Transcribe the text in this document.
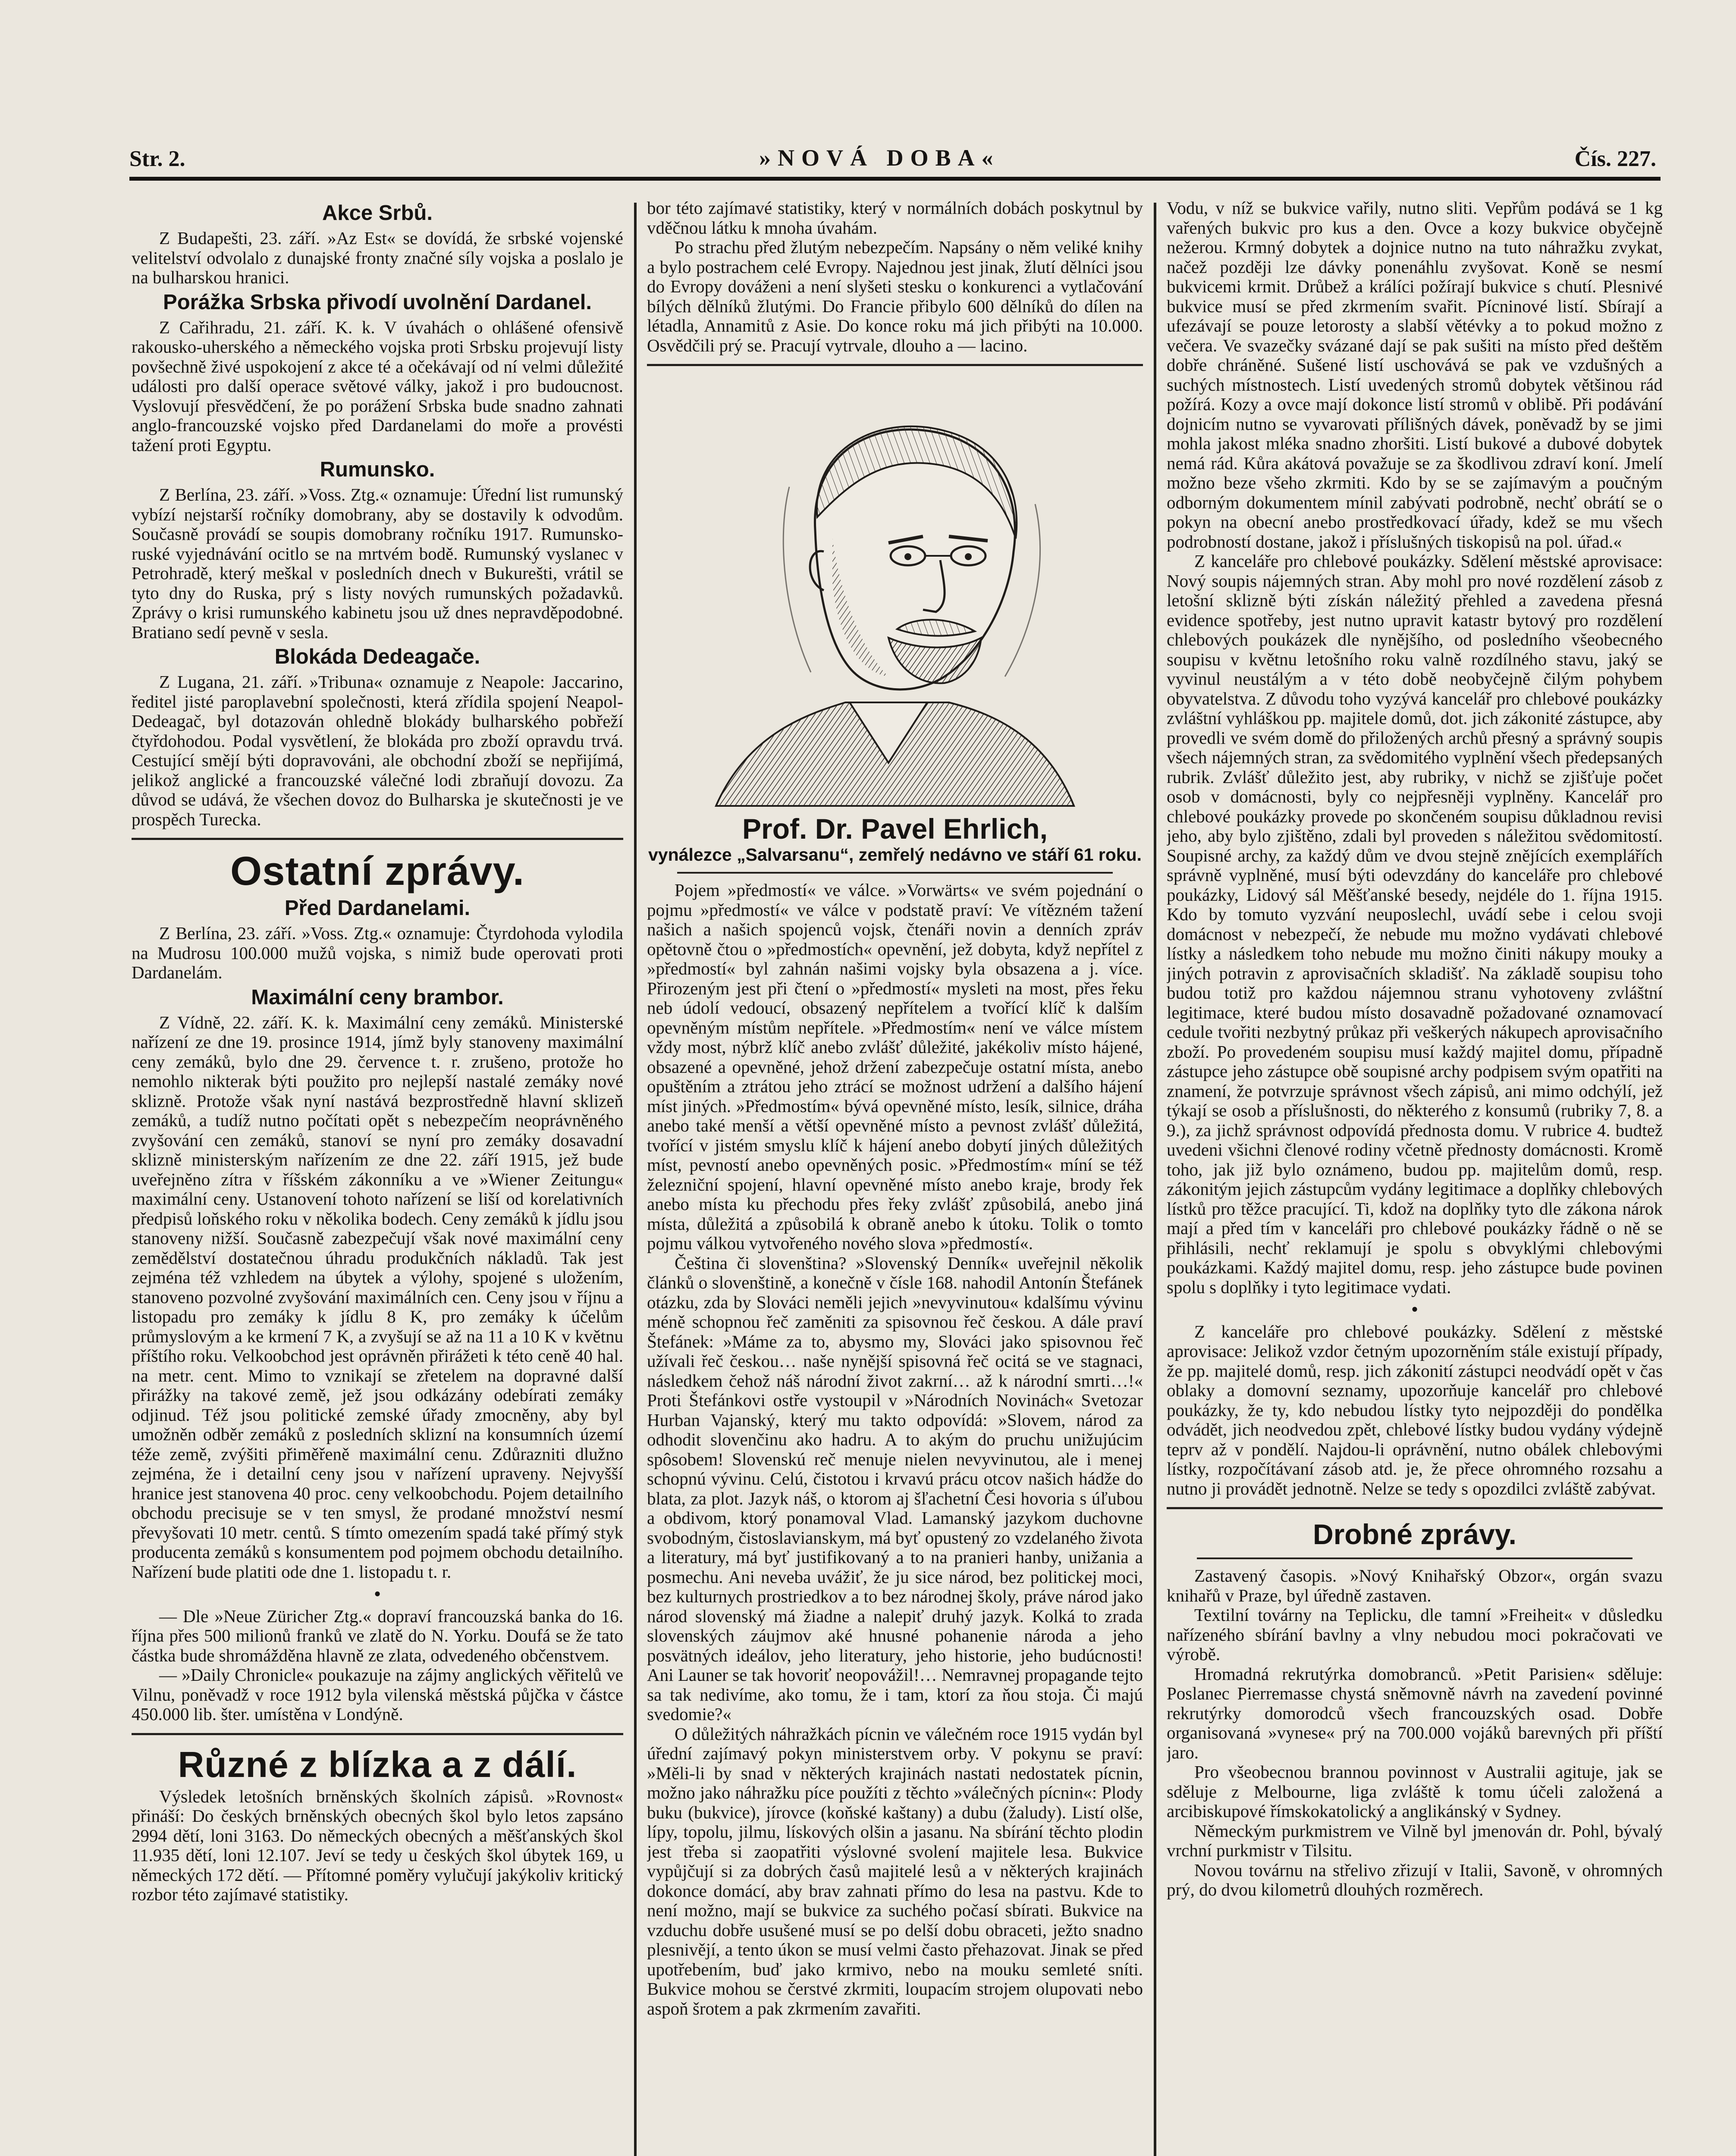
Str. 2.	»NOVÁ DOBA«	Čís. 227.
Akce Srbů.

Z Budapešti, 23. září. »Az Est« se dovídá, že srbské vojenské velitelství odvolalo z dunajské fronty značné síly vojska a poslalo je na bulharskou hranici.

Porážka Srbska přivodí uvolnění Dardanel.

Z Cařihradu, 21. září. K. k. V úvahách o ohlášené ofensivě rakousko-uherského a německého vojska proti Srbsku projevují listy povšechně živé uspokojení z akce té a očekávají od ní velmi důležité události pro další operace světové války, jakož i pro budoucnost. Vyslovují přesvědčení, že po porážení Srbska bude snadno zahnati anglo-francouzské vojsko před Dardanelami do moře a provésti tažení proti Egyptu.

Rumunsko.

Z Berlína, 23. září. »Voss. Ztg.« oznamuje: Úřední list rumunský vybízí nejstarší ročníky domobrany, aby se dostavily k odvodům. Současně provádí se soupis domobrany ročníku 1917. Rumunsko-ruské vyjednávání ocitlo se na mrtvém bodě. Rumunský vyslanec v Petrohradě, který meškal v posledních dnech v Bukurešti, vrátil se tyto dny do Ruska, prý s listy nových rumunských požadavků. Zprávy o krisi rumunského kabinetu jsou už dnes nepravděpodobné. Bratiano sedí pevně v sesla.

Blokáda Dedeagače.

Z Lugana, 21. září. »Tribuna« oznamuje z Neapole: Jaccarino, ředitel jisté paroplavební společnosti, která zřídila spojení Neapol-Dedeagač, byl dotazován ohledně blokády bulharského pobřeží čtyřdohodou. Podal vysvětlení, že blokáda pro zboží opravdu trvá. Cestující smějí býti dopravováni, ale obchodní zboží se nepřijímá, jelikož anglické a francouzské válečné lodi zbraňují dovozu. Za důvod se udává, že všechen dovoz do Bulharska je skutečnosti je ve prospěch Turecka.

Ostatní zprávy.
Před Dardanelami.

Z Berlína, 23. září. »Voss. Ztg.« oznamuje: Čtyrdohoda vylodila na Mudrosu 100.000 mužů vojska, s nimiž bude operovati proti Dardanelám.

Maximální ceny brambor.

Z Vídně, 22. září. K. k. Maximální ceny zemáků. Ministerské nařízení ze dne 19. prosince 1914, jímž byly stanoveny maximální ceny zemáků, bylo dne 29. července t. r. zrušeno, protože ho nemohlo nikterak býti použito pro nejlepší nastalé zemáky nové sklizně. Protože však nyní nastává bezprostředně hlavní sklizeň zemáků, a tudíž nutno počítati opět s nebezpečím neoprávněného zvyšování cen zemáků, stanoví se nyní pro zemáky dosavadní sklizně ministerským nařízením ze dne 22. září 1915, jež bude uveřejněno zítra v říšském zákonníku a ve »Wiener Zeitungu« maximální ceny. Ustanovení tohoto nařízení se liší od korelativních předpisů loňského roku v několika bodech. Ceny zemáků k jídlu jsou stanoveny nižší. Současně zabezpečují však nové maximální ceny zemědělství dostatečnou úhradu produkčních nákladů. Tak jest zejména též vzhledem na úbytek a výlohy, spojené s uložením, stanoveno pozvolné zvyšování maximálních cen. Ceny jsou v říjnu a listopadu pro zemáky k jídlu 8 K, pro zemáky k účelům průmyslovým a ke krmení 7 K, a zvyšují se až na 11 a 10 K v květnu příštího roku. Velkoobchod jest oprávněn přirážeti k této ceně 40 hal. na metr. cent. Mimo to vznikají se zřetelem na dopravné další přirážky na takové země, jež jsou odkázány odebírati zemáky odjinud. Též jsou politické zemské úřady zmocněny, aby byl umožněn odběr zemáků z posledních sklizní na konsumních území téže země, zvýšiti přiměřeně maximální cenu. Zdůrazniti dlužno zejména, že i detailní ceny jsou v nařízení upraveny. Nejvyšší hranice jest stanovena 40 proc. ceny velkoobchodu. Pojem detailního obchodu precisuje se v ten smysl, že prodané množství nesmí převyšovati 10 metr. centů. S tímto omezením spadá také přímý styk producenta zemáků s konsumentem pod pojmem obchodu detailního. Nařízení bude platiti ode dne 1. listopadu t. r.

•

— Dle »Neue Züricher Ztg.« dopraví francouzská banka do 16. října přes 500 milionů franků ve zlatě do N. Yorku. Doufá se že tato částka bude shromážděna hlavně ze zlata, odvedeného občenstvem.

— »Daily Chronicle« poukazuje na zájmy anglických věřitelů ve Vilnu, poněvadž v roce 1912 byla vilenská městská půjčka v částce 450.000 lib. šter. umístěna v Londýně.

Různé z blízka a z dálí.

Výsledek letošních brněnských školních zápisů. »Rovnost« přináší: Do českých brněnských obecných škol bylo letos zapsáno 2994 dětí, loni 3163. Do německých obecných a měšťanských škol 11.935 dětí, loni 12.107. Jeví se tedy u českých škol úbytek 169, u německých 172 dětí. — Přítomné poměry vylučují jakýkoliv kritický rozbor této zajímavé statistiky.

bor této zajímavé statistiky, který v normálních dobách poskytnul by vděčnou látku k mnoha úvahám.

Po strachu před žlutým nebezpečím. Napsány o něm veliké knihy a bylo postrachem celé Evropy. Najednou jest jinak, žlutí dělníci jsou do Evropy dováženi a není slyšeti stesku o konkurenci a vytlačování bílých dělníků žlutými. Do Francie přibylo 600 dělníků do dílen na létadla, Annamitů z Asie. Do konce roku má jich přibýti na 10.000. Osvědčili prý se. Pracují vytrvale, dlouho a — lacino.

Prof. Dr. Pavel Ehrlich,
vynálezce „Salvarsanu“, zemřelý nedávno ve stáří 61 roku.

Pojem »předmostí« ve válce. »Vorwärts« ve svém pojednání o pojmu »předmostí« ve válce v podstatě praví: Ve vítězném tažení našich a našich spojenců vojsk, čtenáři novin a denních zpráv opětovně čtou o »předmostích« opevnění, jež dobyta, když nepřítel z »předmostí« byl zahnán našimi vojsky byla obsazena a j. více. Přirozeným jest při čtení o »předmostí« mysleti na most, přes řeku neb údolí vedoucí, obsazený nepřítelem a tvořící klíč k dalším opevněným místům nepřítele. »Předmostím« není ve válce místem vždy most, nýbrž klíč anebo zvlášť důležité, jakékoliv místo hájené, obsazené a opevněné, jehož držení zabezpečuje ostatní místa, anebo opuštěním a ztrátou jeho ztrácí se možnost udržení a dalšího hájení míst jiných. »Předmostím« bývá opevněné místo, lesík, silnice, dráha anebo také menší a větší opevněné místo a pevnost zvlášť důležitá, tvořící v jistém smyslu klíč k hájení anebo dobytí jiných důležitých míst, pevností anebo opevněných posic. »Předmostím« míní se též železniční spojení, hlavní opevněné místo anebo kraje, brody řek anebo místa ku přechodu přes řeky zvlášť způsobilá, anebo jiná místa, důležitá a způsobilá k obraně anebo k útoku. Tolik o tomto pojmu válkou vytvořeného nového slova »předmostí«.

Čeština či slovenština? »Slovenský Denník« uveřejnil několik článků o slovenštině, a konečně v čísle 168. nahodil Antonín Štefánek otázku, zda by Slováci neměli jejich »nevyvinutou« kdalšímu vývinu méně schopnou řeč zaměniti za spisovnou řeč českou. A dále praví Štefánek: »Máme za to, abysmo my, Slováci jako spisovnou řeč užívali řeč českou… naše nynější spisovná řeč ocitá se ve stagnaci, následkem čehož náš národní život zakrní… až k národní smrti…!« Proti Štefánkovi ostře vystoupil v »Národních Novinách« Svetozar Hurban Vajanský, který mu takto odpovídá: »Slovem, národ za odhodit slovenčinu ako hadru. A to akým do pruchu unižujúcim spôsobem! Slovenskú reč menuje nielen nevyvinutou, ale i menej schopnú vývinu. Celú, čistotou i krvavú prácu otcov našich hádže do blata, za plot. Jazyk náš, o ktorom aj šľachetní Česi hovoria s úľubou a obdivom, ktorý ponamoval Vlad. Lamanský jazykom duchovne svobodným, čistoslavianskym, má byť opustený zo vzdelaného života a literatury, má byť justifikovaný a to na pranieri hanby, unižania a posmechu. Ani neveba uvážiť, že ju sice národ, bez politickej moci, bez kulturnych prostriedkov a to bez národnej školy, práve národ jako národ slovenský má žiadne a nalepiť druhý jazyk. Kolká to zrada slovenských záujmov aké hnusné pohanenie národa a jeho posvätných ideálov, jeho literatury, jeho historie, jeho budúcnosti! Ani Launer se tak hovoriť neopovážil!… Nemravnej propagande tejto sa tak nedivíme, ako tomu, že i tam, ktorí za ňou stoja. Či majú svedomie?«

O důležitých náhražkách pícnin ve válečném roce 1915 vydán byl úřední zajímavý pokyn ministerstvem orby. V pokynu se praví: »Měli-li by snad v některých krajinách nastati nedostatek pícnin, možno jako náhražku píce použíti z těchto »válečných pícnin«: Plody buku (bukvice), jírovce (koňské kaštany) a dubu (žaludy). Listí olše, lípy, topolu, jilmu, lískových olšin a jasanu. Na sbírání těchto plodin jest třeba si zaopatřiti výslovné svolení majitele lesa. Bukvice vypůjčují si za dobrých časů majitelé lesů a v některých krajinách dokonce domácí, aby brav zahnati přímo do lesa na pastvu. Kde to není možno, mají se bukvice za suchého počasí sbírati. Bukvice na vzduchu dobře usušené musí se po delší dobu obraceti, ježto snadno plesnivějí, a tento úkon se musí velmi často přehazovat. Jinak se před upotřebením, buď jako krmivo, nebo na mouku semleté sníti. Bukvice mohou se čerstvé zkrmiti, loupacím strojem olupovati nebo aspoň šrotem a pak zkrmením zavařiti.

Vodu, v níž se bukvice vařily, nutno sliti. Vepřům podává se 1 kg vařených bukvic pro kus a den. Ovce a kozy bukvice obyčejně nežerou. Krmný dobytek a dojnice nutno na tuto náhražku zvykat, načež později lze dávky ponenáhlu zvyšovat. Koně se nesmí bukvicemi krmit. Drůbež a králíci požírají bukvice s chutí. Plesnivé bukvice musí se před zkrmením svařit. Pícninové listí. Sbírají a ufezávají se pouze letorosty a slabší větévky a to pokud možno z večera. Ve svazečky svázané dají se pak sušiti na místo před deštěm dobře chráněné. Sušené listí uschovává se pak ve vzdušných a suchých místnostech. Listí uvedených stromů dobytek většinou rád požírá. Kozy a ovce mají dokonce listí stromů v oblibě. Při podávání dojnicím nutno se vyvarovati přílišných dávek, poněvadž by se jimi mohla jakost mléka snadno zhoršiti. Listí bukové a dubové dobytek nemá rád. Kůra akátová považuje se za škodlivou zdraví koní. Jmelí možno beze všeho zkrmiti. Kdo by se se zajímavým a poučným odborným dokumentem mínil zabývati podrobně, nechť obrátí se o pokyn na obecní anebo prostředkovací úřady, kdež se mu všech podrobností dostane, jakož i příslušných tiskopisů na pol. úřad.«

Z kanceláře pro chlebové poukázky. Sdělení městské aprovisace: Nový soupis nájemných stran. Aby mohl pro nové rozdělení zásob z letošní sklizně býti získán náležitý přehled a zavedena přesná evidence spotřeby, jest nutno upravit katastr bytový pro rozdělení chlebových poukázek dle nynějšího, od posledního všeobecného soupisu v květnu letošního roku valně rozdílného stavu, jaký se vyvinul neustálým a v této době neobyčejně čilým pohybem obyvatelstva. Z důvodu toho vyzývá kancelář pro chlebové poukázky zvláštní vyhláškou pp. majitele domů, dot. jich zákonité zástupce, aby provedli ve svém domě do přiložených archů přesný a správný soupis všech nájemných stran, za svědomitého vyplnění všech předepsaných rubrik. Zvlášť důležito jest, aby rubriky, v nichž se zjišťuje počet osob v domácnosti, byly co nejpřesněji vyplněny. Kancelář pro chlebové poukázky provede po skončeném soupisu důkladnou revisi jeho, aby bylo zjištěno, zdali byl proveden s náležitou svědomitostí. Soupisné archy, za každý dům ve dvou stejně znějících exemplářích správně vyplněné, musí býti odevzdány do kanceláře pro chlebové poukázky, Lidový sál Měšťanské besedy, nejdéle do 1. října 1915. Kdo by tomuto vyzvání neuposlechl, uvádí sebe i celou svoji domácnost v nebezpečí, že nebude mu možno vydávati chlebové lístky a následkem toho nebude mu možno činiti nákupy mouky a jiných potravin z aprovisačních skladišť. Na základě soupisu toho budou totiž pro každou nájemnou stranu vyhotoveny zvláštní legitimace, které budou místo dosavadně požadované oznamovací cedule tvořiti nezbytný průkaz při veškerých nákupech aprovisačního zboží. Po provedeném soupisu musí každý majitel domu, případně zástupce jeho zástupce obě soupisné archy podpisem svým opatřiti na znamení, že potvrzuje správnost všech zápisů, ani mimo odchýlí, jež týkají se osob a příslušnosti, do některého z konsumů (rubriky 7, 8. a 9.), za jichž správnost odpovídá přednosta domu. V rubrice 4. budtež uvedeni všichni členové rodiny včetně přednosty domácnosti. Kromě toho, jak již bylo oznámeno, budou pp. majitelům domů, resp. zákonitým jejich zástupcům vydány legitimace a doplňky chlebových lístků pro těžce pracující. Ti, kdož na doplňky tyto dle zákona nárok mají a před tím v kanceláři pro chlebové poukázky řádně o ně se přihlásili, nechť reklamují je spolu s obvyklými chlebovými poukázkami. Každý majitel domu, resp. jeho zástupce bude povinen spolu s doplňky i tyto legitimace vydati.

•

Z kanceláře pro chlebové poukázky. Sdělení z městské aprovisace: Jelikož vzdor četným upozorněním stále existují případy, že pp. majitelé domů, resp. jich zákonití zástupci neodvádí opět v čas oblaky a domovní seznamy, upozorňuje kancelář pro chlebové poukázky, že ty, kdo nebudou lístky tyto nejpozději do pondělka odvádět, jich neodvedou zpět, chlebové lístky budou vydány výdejně teprv až v pondělí. Najdou-li oprávnění, nutno obálek chlebovými lístky, rozpočítávaní zásob atd. je, že přece ohromného rozsahu a nutno ji provádět jednotně. Nelze se tedy s opozdilci zvláště zabývat.

Drobné zprávy.

Zastavený časopis. »Nový Knihařský Obzor«, orgán svazu knihařů v Praze, byl úředně zastaven.

Textilní továrny na Teplicku, dle tamní »Freiheit« v důsledku nařízeného sbírání bavlny a vlny nebudou moci pokračovati ve výrobě.

Hromadná rekrutýrka domobranců. »Petit Parisien« sděluje: Poslanec Pierremasse chystá sněmovně návrh na zavedení povinné rekrutýrky domorodců všech francouzských osad. Dobře organisovaná »vynese« prý na 700.000 vojáků barevných při příští jaro.

Pro všeobecnou brannou povinnost v Australii agituje, jak se sděluje z Melbourne, liga zvláště k tomu účeli založená a arcibiskupové římskokatolický a anglikánský v Sydney.

Německým purkmistrem ve Vilně byl jmenován dr. Pohl, bývalý vrchní purkmistr v Tilsitu.

Novou továrnu na střelivo zřizují v Italii, Savoně, v ohromných prý, do dvou kilometrů dlouhých rozměrech.
